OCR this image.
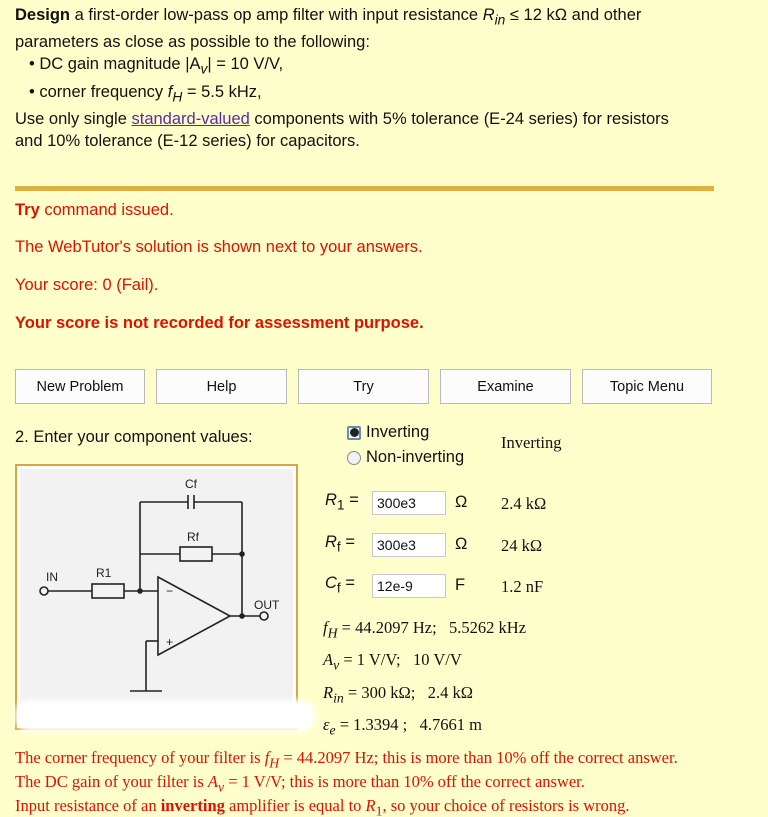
Design a first-order low-pass op amp filter with input resistance $R_{in} \le 12$ kΩ and other
parameters as close as possible to the following:
• DC gain magnitude $|A_v| = 10$ V/V,
• corner frequency $f_H = 5.5$ kHz,
Use only single standard-valued components with 5% tolerance (E-24 series) for resistors
and 10% tolerance (E-12 series) for capacitors.
Try command issued.
The WebTutor's solution is shown next to your answers.
Your score: 0 (Fail).
Your score is not recorded for assessment purpose.
New Problem	Help	Try	Examine	Topic Menu
2. Enter your component values:	Inverting
Non-inverting
Inverting
Cf
Rf
R1
IN
OUT
−
+
$R_1$ =
300e3	Ω 2.4 kΩ
$R_f$ =
300e3	Ω 24 kΩ
$C_f$ =
12e-9	F 1.2 nF
$f_H = 44.2097$ Hz; 5.5262 kHz
$A_v = 1$ V/V; 10 V/V
$R_{in} = 300$ kΩ; 2.4 kΩ
$\varepsilon_e = 1.3394$ ; 4.7661 m
The corner frequency of your filter is $f_H = 44.2097$ Hz; this is more than 10% off the correct answer.
The DC gain of your filter is $A_v = 1$ V/V; this is more than 10% off the correct answer.
Input resistance of an inverting amplifier is equal to $R_1$, so your choice of resistors is wrong.
